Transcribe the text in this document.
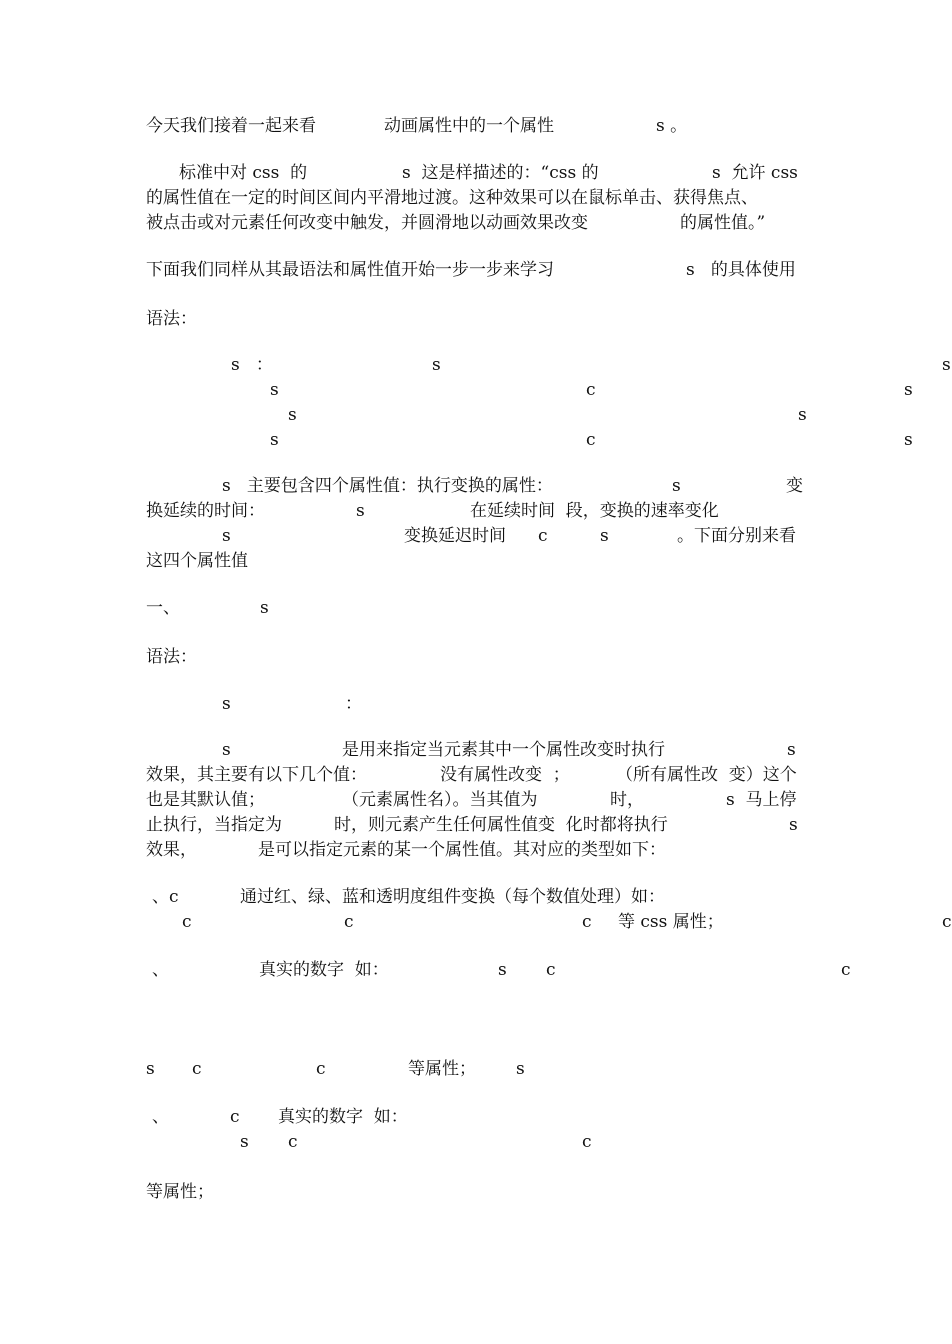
今天我们接着一起来看	动画属性中的一个属性	s 。
标准中对 css  的	s  这是样描述的：“css 的	s  允许 css
的属性值在一定的时间区间内平滑地过渡。这种效果可以在鼠标单击、获得焦点、
被点击或对元素任何改变中触发，并圆滑地以动画效果改变	的属性值。”
下面我们同样从其最语法和属性值开始一步一步来学习	s   的具体使用
语法：
s   ：	s	s
s	c	s
s	s
s	c	s
s   主要包含四个属性值：执行变换的属性：	s	变
换延续的时间：	s	在延续时间  段，变换的速率变化
s	变换延迟时间 c	s	。下面分别来看
这四个属性值
一、	s
语法：
s	：
s	是用来指定当元素其中一个属性改变时执行	s
效果，其主要有以下几个值：	没有属性改变  ；	（所有属性改  变）这个
也是其默认值；	（元素属性名）。当其值为	时，	s  马上停
止执行，当指定为	时，则元素产生任何属性值变  化时都将执行	s
效果，	是可以指定元素的某一个属性值。其对应的类型如下：
、c	通过红、绿、蓝和透明度组件变换（每个数值处理）如：
c	c	c 等 css 属性；	c
、	真实的数字  如：	s c	c
s c	c	等属性； s
、	c 真实的数字  如：
s c	c
等属性；
